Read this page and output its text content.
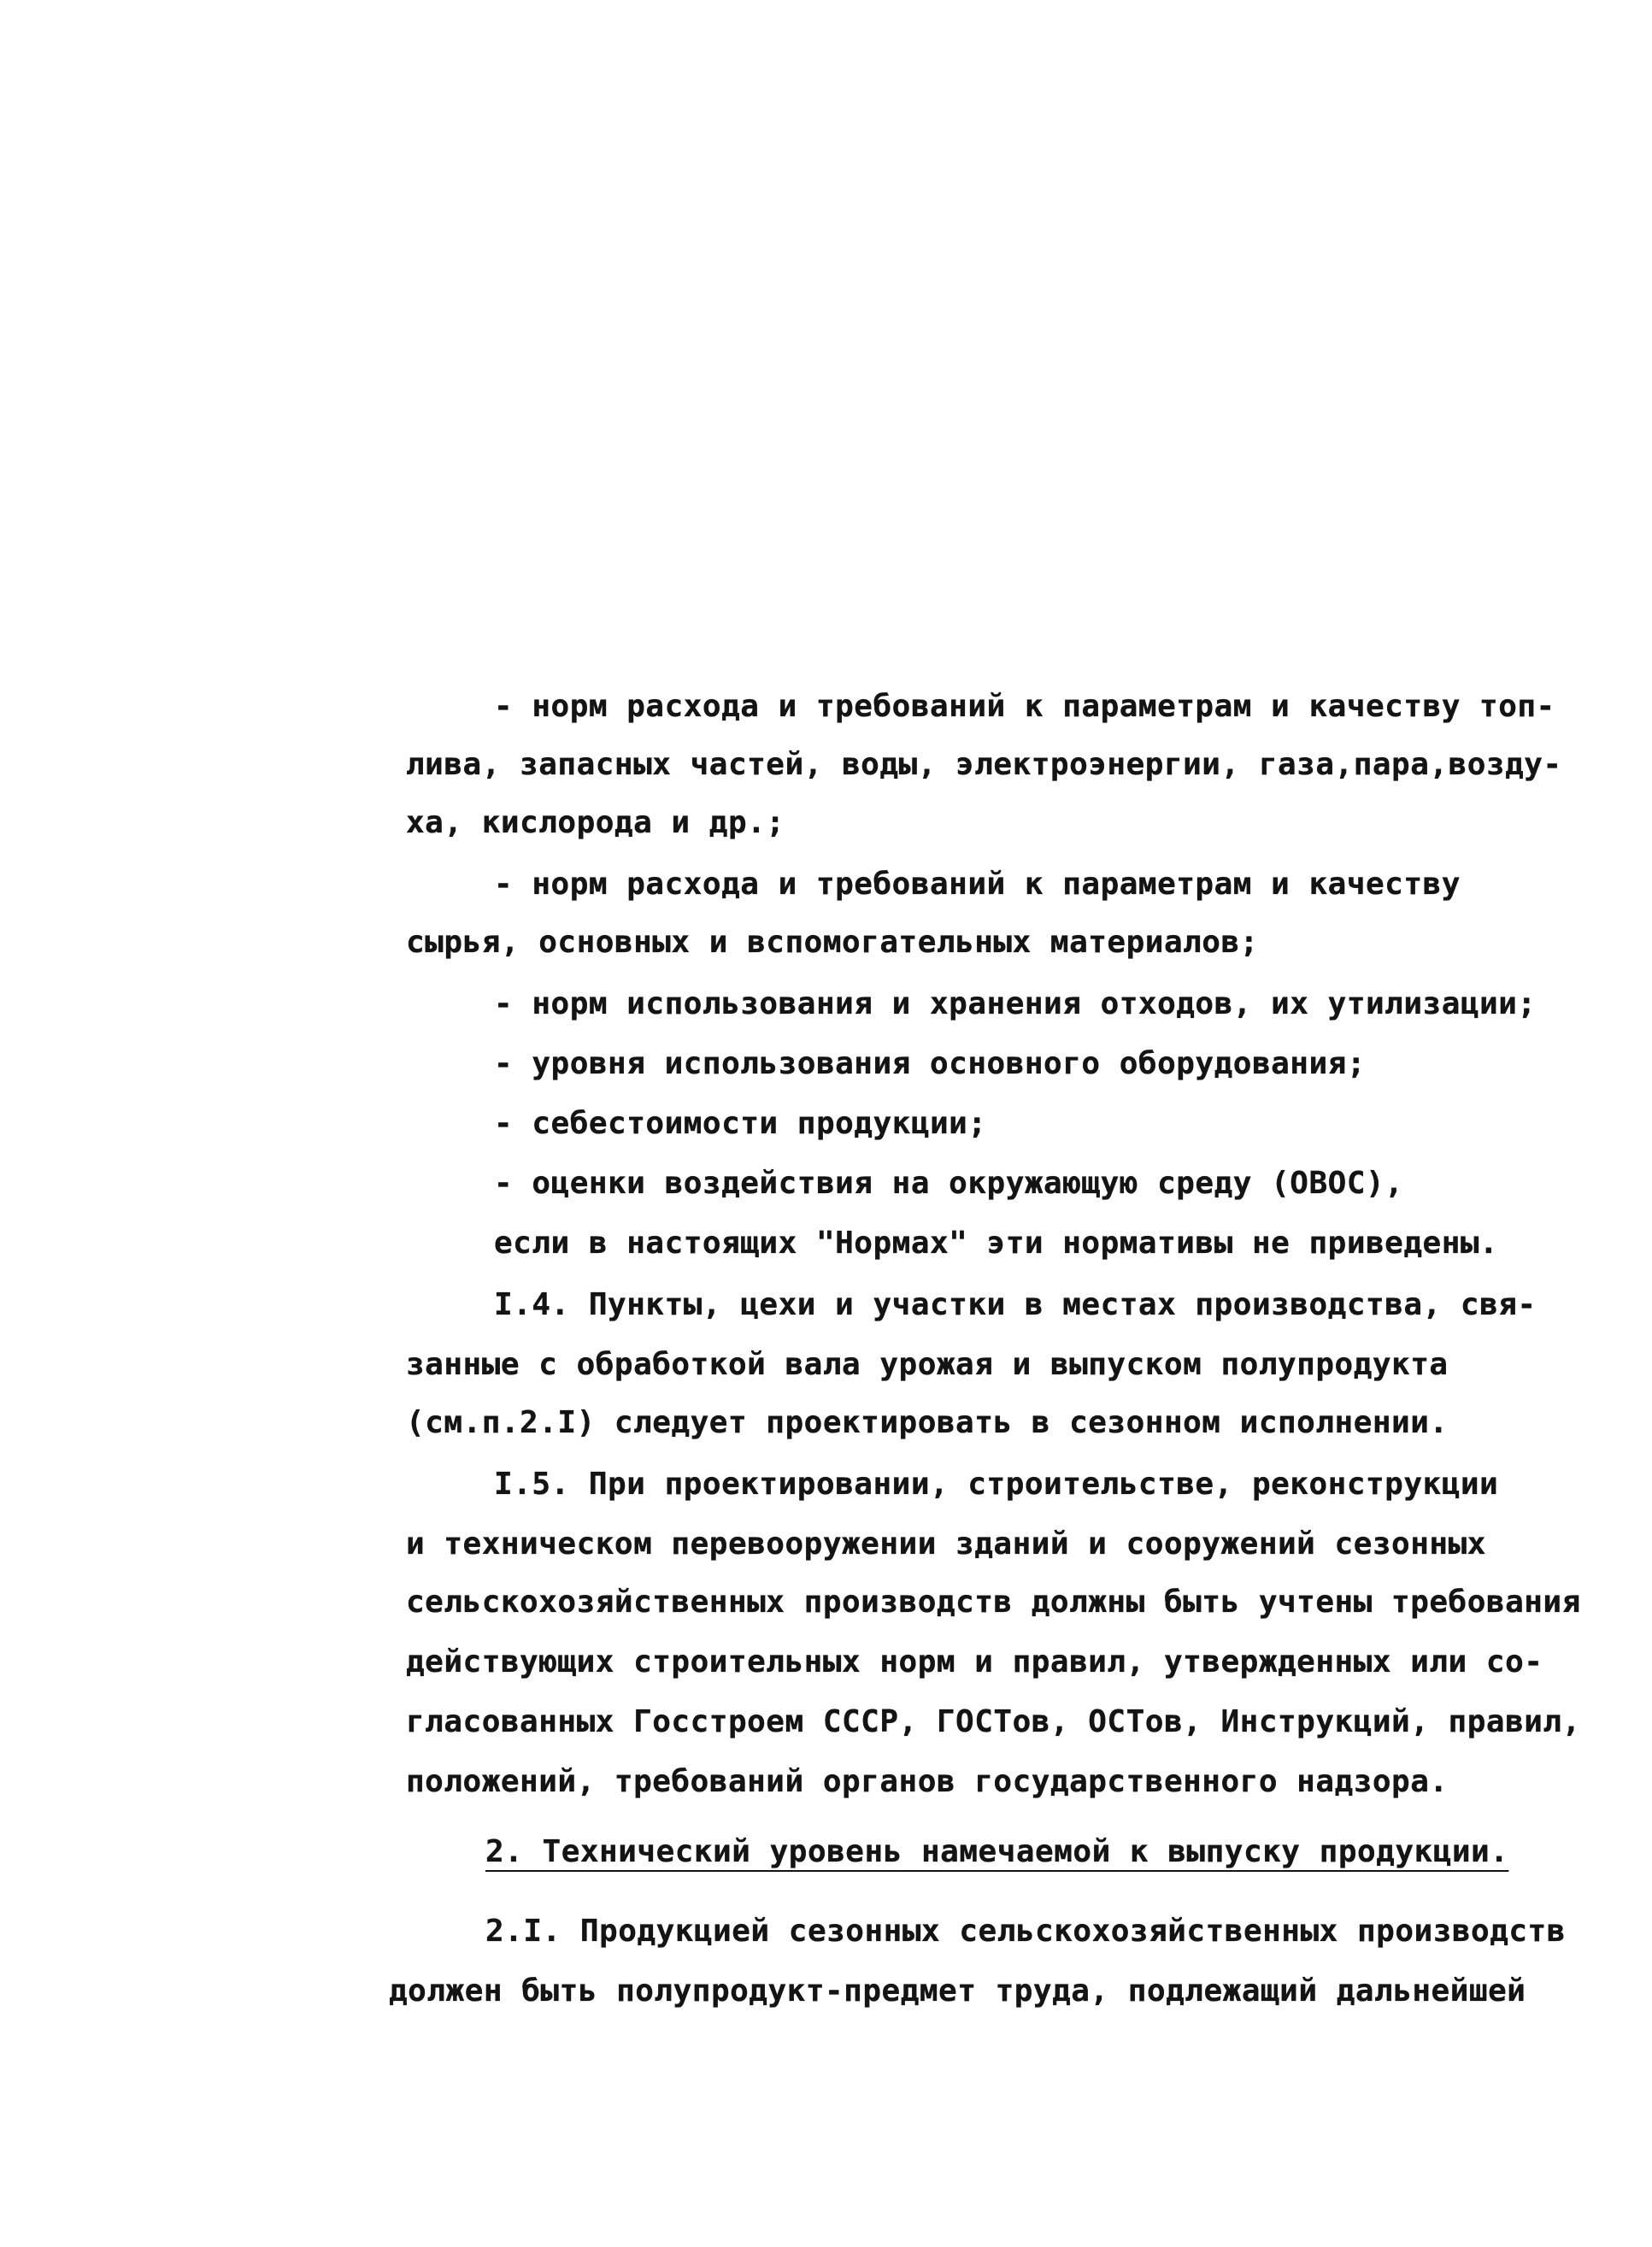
- норм расхода и требований к параметрам и качеству топ-
лива, запасных частей, воды, электроэнергии, газа,пара,возду-
ха, кислорода и др.;
- норм расхода и требований к параметрам и качеству
сырья, основных и вспомогательных материалов;
- норм использования и хранения отходов, их утилизации;
- уровня использования основного оборудования;
- себестоимости продукции;
- оценки воздействия на окружающую среду (ОВОС),
если в настоящих "Нормах" эти нормативы не приведены.
I.4. Пункты, цехи и участки в местах производства, свя-
занные с обработкой вала урожая и выпуском полупродукта
(см.п.2.I) следует проектировать в сезонном исполнении.
I.5. При проектировании, строительстве, реконструкции
и техническом перевооружении зданий и сооружений сезонных
сельскохозяйственных производств должны быть учтены требования
действующих строительных норм и правил, утвержденных или со-
гласованных Госстроем СССР, ГОСТов, ОСТов, Инструкций, правил,
положений, требований органов государственного надзора.
2. Технический уровень намечаемой к выпуску продукции.
2.I. Продукцией сезонных сельскохозяйственных производств
должен быть полупродукт-предмет труда, подлежащий дальнейшей
